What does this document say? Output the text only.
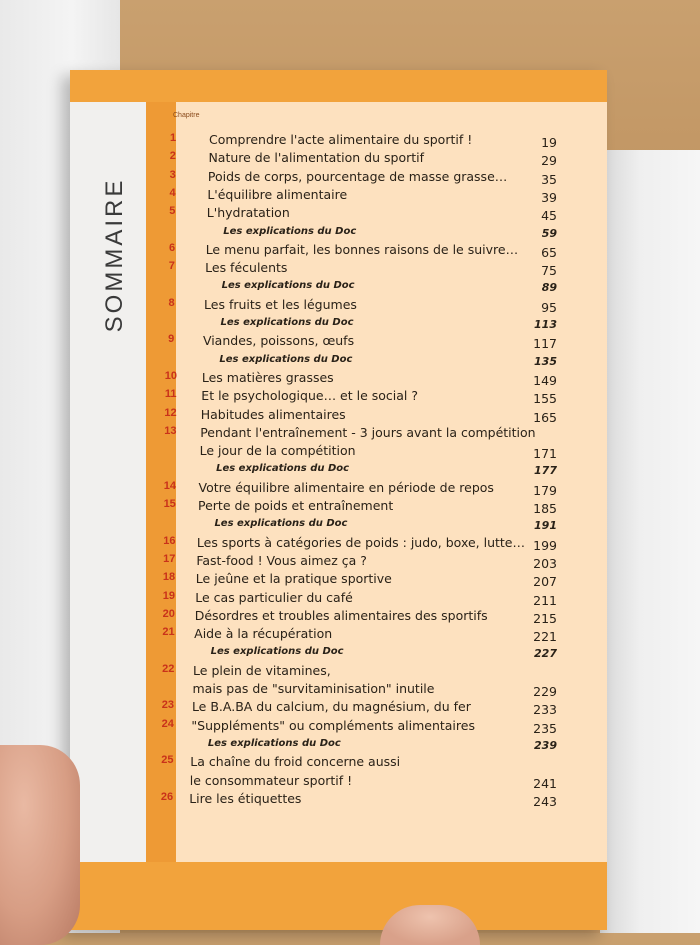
SOMMAIRE
Chapitre
1	Comprendre l'acte alimentaire du sportif !	19
2	Nature de l'alimentation du sportif	29
3	Poids de corps, pourcentage de masse grasse…	35
4	L'équilibre alimentaire	39
5	L'hydratation	45
Les explications du Doc	59
6	Le menu parfait, les bonnes raisons de le suivre… 65
7	Les féculents	75
Les explications du Doc	89
8	Les fruits et les légumes	95
Les explications du Doc	113
9	Viandes, poissons, œufs	117
Les explications du Doc	135
10	Les matières grasses	149
11	Et le psychologique… et le social ?	155
12	Habitudes alimentaires	165
13	Pendant l'entraînement - 3 jours avant la compétition
Le jour de la compétition	171
Les explications du Doc	177
14	Votre équilibre alimentaire en période de repos	179
15	Perte de poids et entraînement	185
Les explications du Doc	191
16	Les sports à catégories de poids : judo, boxe, lutte… 199
17	Fast-food ! Vous aimez ça ?	203
18	Le jeûne et la pratique sportive	207
19	Le cas particulier du café	211
20	Désordres et troubles alimentaires des sportifs	215
21	Aide à la récupération	221
Les explications du Doc	227
22	Le plein de vitamines,
mais pas de "survitaminisation" inutile	229
23	Le B.A.BA du calcium, du magnésium, du fer	233
24	"Suppléments" ou compléments alimentaires	235
Les explications du Doc	239
25	La chaîne du froid concerne aussi
le consommateur sportif !	241
26	Lire les étiquettes	243
